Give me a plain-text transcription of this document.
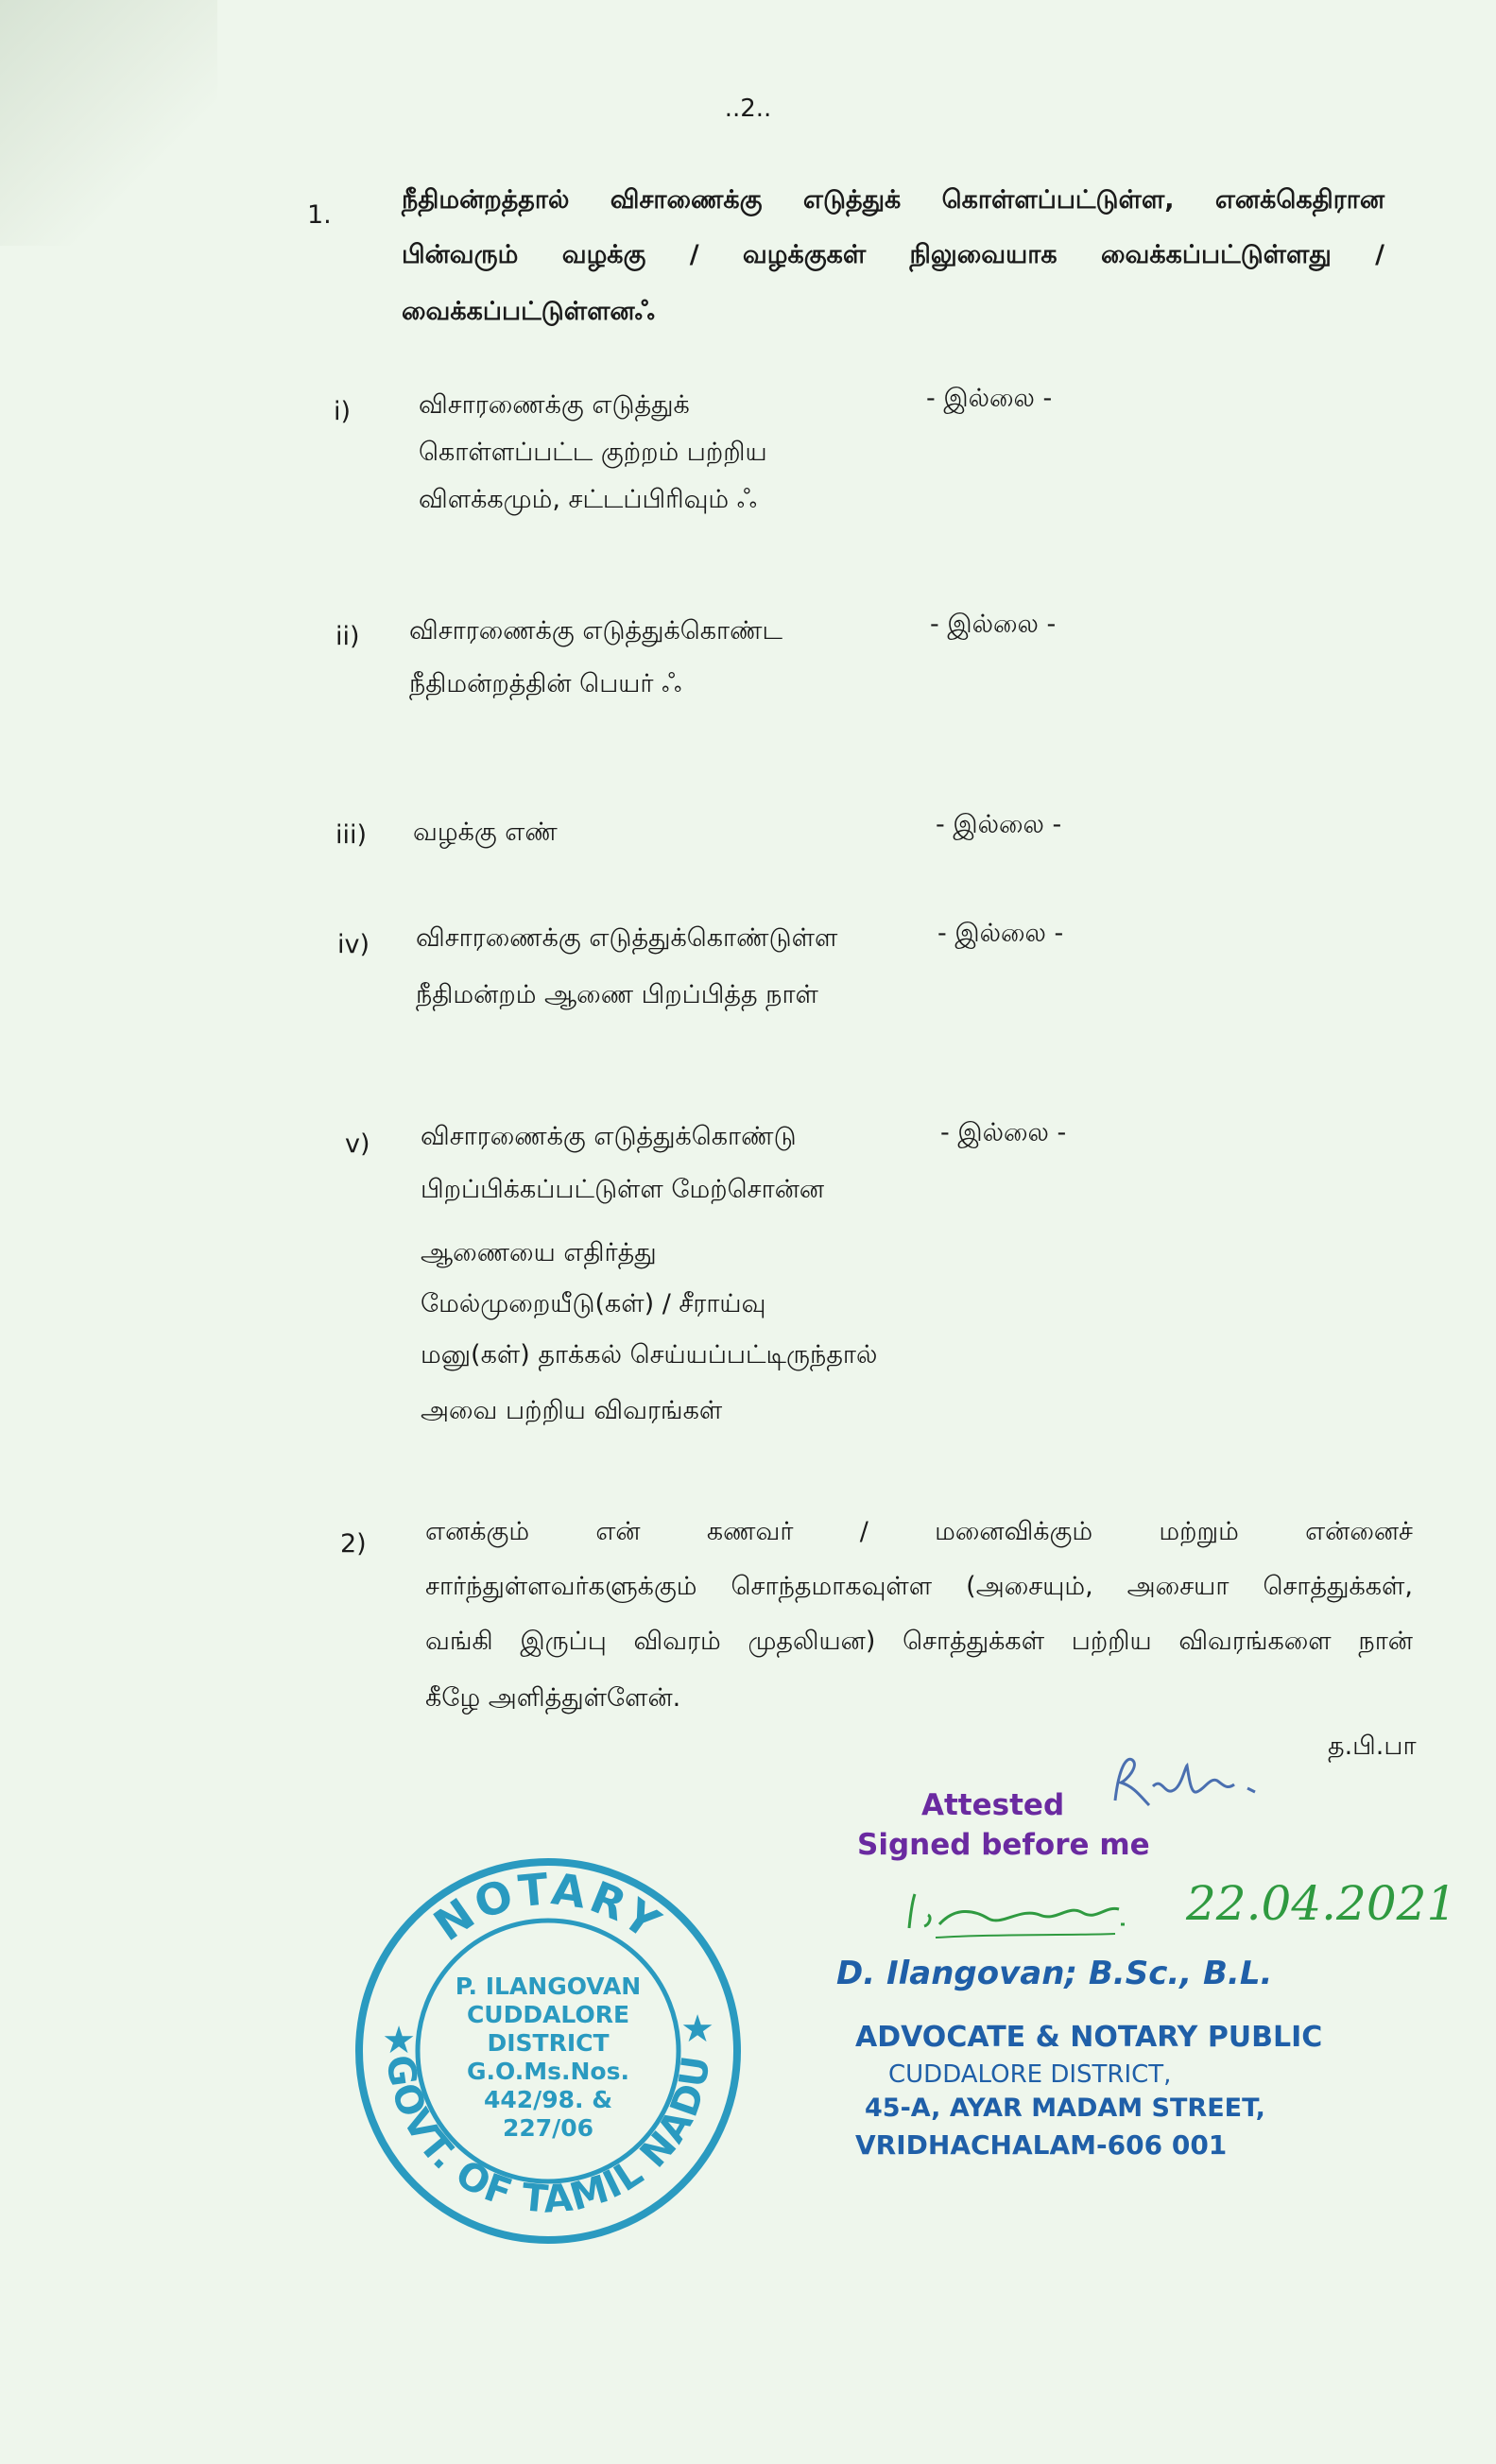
..2..
1.
நீதிமன்றத்தால் விசாணைக்கு எடுத்துக் கொள்ளப்பட்டுள்ள, எனக்கெதிரான
பின்வரும் வழக்கு / வழக்குகள் நிலுவையாக வைக்கப்பட்டுள்ளது /
வைக்கப்பட்டுள்ளனஃ
i)	விசாரணைக்கு எடுத்துக்
கொள்ளப்பட்ட குற்றம் பற்றிய
விளக்கமும், சட்டப்பிரிவும் ஃ
- இல்லை -
ii) விசாரணைக்கு எடுத்துக்கொண்ட
நீதிமன்றத்தின் பெயர் ஃ
- இல்லை -
iii) வழக்கு எண்	- இல்லை -
iv) விசாரணைக்கு எடுத்துக்கொண்டுள்ள
நீதிமன்றம் ஆணை பிறப்பித்த நாள்
- இல்லை -
v) விசாரணைக்கு எடுத்துக்கொண்டு
பிறப்பிக்கப்பட்டுள்ள மேற்சொன்ன
ஆணையை எதிர்த்து
மேல்முறையீடு(கள்) / சீராய்வு
மனு(கள்) தாக்கல் செய்யப்பட்டிருந்தால்
அவை பற்றிய விவரங்கள்
- இல்லை -
2) எனக்கும் என் கணவர் / மனைவிக்கும் மற்றும் என்னைச்
சார்ந்துள்ளவர்களுக்கும் சொந்தமாகவுள்ள (அசையும், அசையா சொத்துக்கள்,
வங்கி இருப்பு விவரம் முதலியன) சொத்துக்கள் பற்றிய விவரங்களை நான்
கீழே அளித்துள்ளேன்.
த.பி.பா
Attested
Signed before me
22.04.2021
NOTARY
GOVT. OF TAMIL NADU
★	★
P. ILANGOVAN
CUDDALORE
DISTRICT
G.O.Ms.Nos.
442/98. &
227/06
D. Ilangovan; B.Sc., B.L.
ADVOCATE & NOTARY PUBLIC
CUDDALORE DISTRICT,
45-A, AYAR MADAM STREET,
VRIDHACHALAM-606 001
